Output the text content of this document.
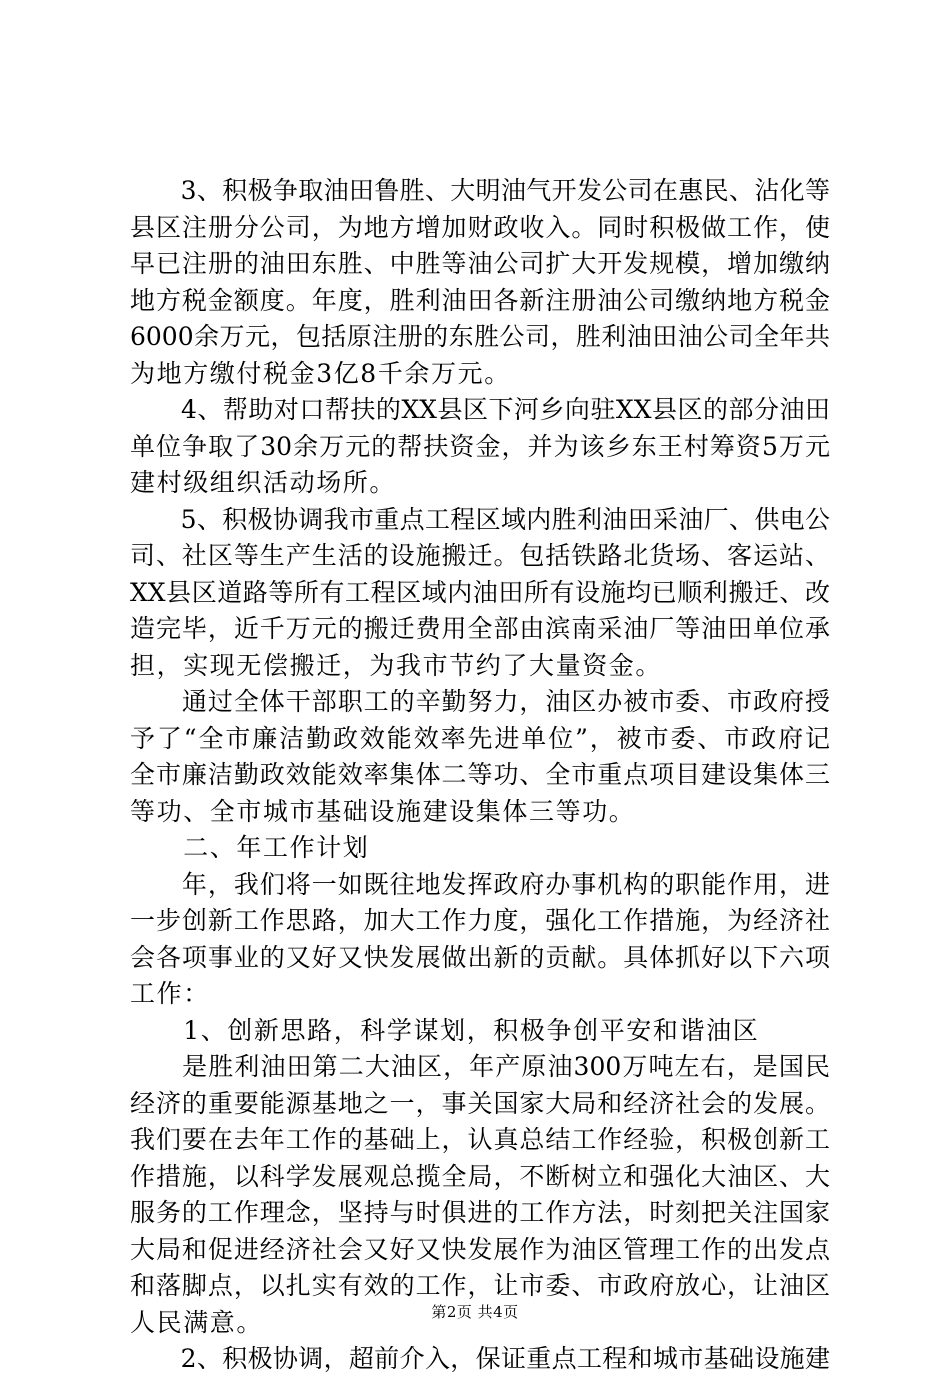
　　3、积极争取油田鲁胜、大明油气开发公司在惠民、沾化等
县区注册分公司，为地方增加财政收入。同时积极做工作，使
早已注册的油田东胜、中胜等油公司扩大开发规模，增加缴纳
地方税金额度。年度，胜利油田各新注册油公司缴纳地方税金
6000余万元，包括原注册的东胜公司，胜利油田油公司全年共
为地方缴付税金3亿8千余万元。
　　4、帮助对口帮扶的XX县区下河乡向驻XX县区的部分油田
单位争取了30余万元的帮扶资金，并为该乡东王村筹资5万元
建村级组织活动场所。
　　5、积极协调我市重点工程区域内胜利油田采油厂、供电公
司、社区等生产生活的设施搬迁。包括铁路北货场、客运站、
XX县区道路等所有工程区域内油田所有设施均已顺利搬迁、改
造完毕，近千万元的搬迁费用全部由滨南采油厂等油田单位承
担，实现无偿搬迁，为我市节约了大量资金。
　　通过全体干部职工的辛勤努力，油区办被市委、市政府授
予了“全市廉洁勤政效能效率先进单位”，被市委、市政府记
全市廉洁勤政效能效率集体二等功、全市重点项目建设集体三
等功、全市城市基础设施建设集体三等功。
　　二、年工作计划
　　年，我们将一如既往地发挥政府办事机构的职能作用，进
一步创新工作思路，加大工作力度，强化工作措施，为经济社
会各项事业的又好又快发展做出新的贡献。具体抓好以下六项
工作：
　　1、创新思路，科学谋划，积极争创平安和谐油区
　　是胜利油田第二大油区，年产原油300万吨左右，是国民
经济的重要能源基地之一，事关国家大局和经济社会的发展。
我们要在去年工作的基础上，认真总结工作经验，积极创新工
作措施，以科学发展观总揽全局，不断树立和强化大油区、大
服务的工作理念，坚持与时俱进的工作方法，时刻把关注国家
大局和促进经济社会又好又快发展作为油区管理工作的出发点
和落脚点，以扎实有效的工作，让市委、市政府放心，让油区
人民满意。
　　2、积极协调，超前介入，保证重点工程和城市基础设施建
第2页 共4页
